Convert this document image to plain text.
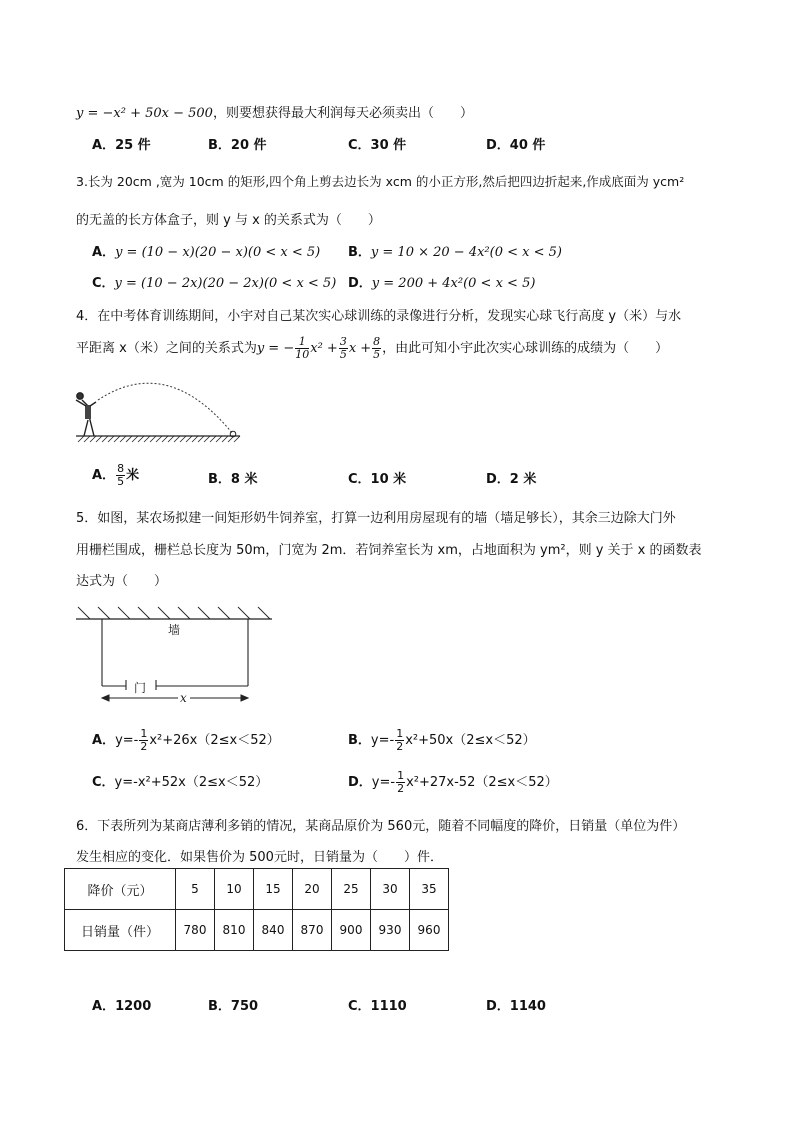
y = −x² + 50x − 500，则要想获得最大利润每天必须卖出（　　）
A．25 件	B．20 件	C．30 件	D．40 件
3.长为 20cm ,宽为 10cm 的矩形,四个角上剪去边长为 xcm 的小正方形,然后把四边折起来,作成底面为 ycm²
的无盖的长方体盒子，则 y 与 x 的关系式为（　　）
A．y = (10 − x)(20 − x)(0 < x < 5) B．y = 10 × 20 − 4x²(0 < x < 5)
C．y = (10 − 2x)(20 − 2x)(0 < x < 5) D．y = 200 + 4x²(0 < x < 5)
4．在中考体育训练期间，小宇对自己某次实心球训练的录像进行分析，发现实心球飞行高度 y（米）与水
平距离 x（米）之间的关系式为y = − $\frac{1}{10} x^2 + \frac{3}{5}$ $x + \frac{8}{5}$ ，由此可知小宇此次实心球训练的成绩为（　　）
A． $\frac{8}{5}$ 米	B．8 米	C．10 米	D．2 米
5．如图，某农场拟建一间矩形奶牛饲养室，打算一边利用房屋现有的墙（墙足够长），其余三边除大门外
用栅栏围成，栅栏总长度为 50m，门宽为 2m．若饲养室长为 xm，占地面积为 ym²，则 y 关于 x 的函数表
达式为（　　）
墙
门
x
A．$y=- \frac{1}{2} x^2+26x(2\le x<52)$	B．$y=- \frac{1}{2} x^2+50x(2\le x<52)$
C．y=-x²+52x（2≤x＜52）	D．$y=- \frac{1}{2} x^2+27x-52(2\le x<52)$
6．下表所列为某商店薄利多销的情况，某商品原价为 560元，随着不同幅度的降价，日销量（单位为件）
发生相应的变化．如果售价为 500元时，日销量为（　　）件．
降价（元）	5	10	15	20	25	30	35
日销量（件）	780	810	840	870	900	930	960
A．1200	B．750	C．1110	D．1140
